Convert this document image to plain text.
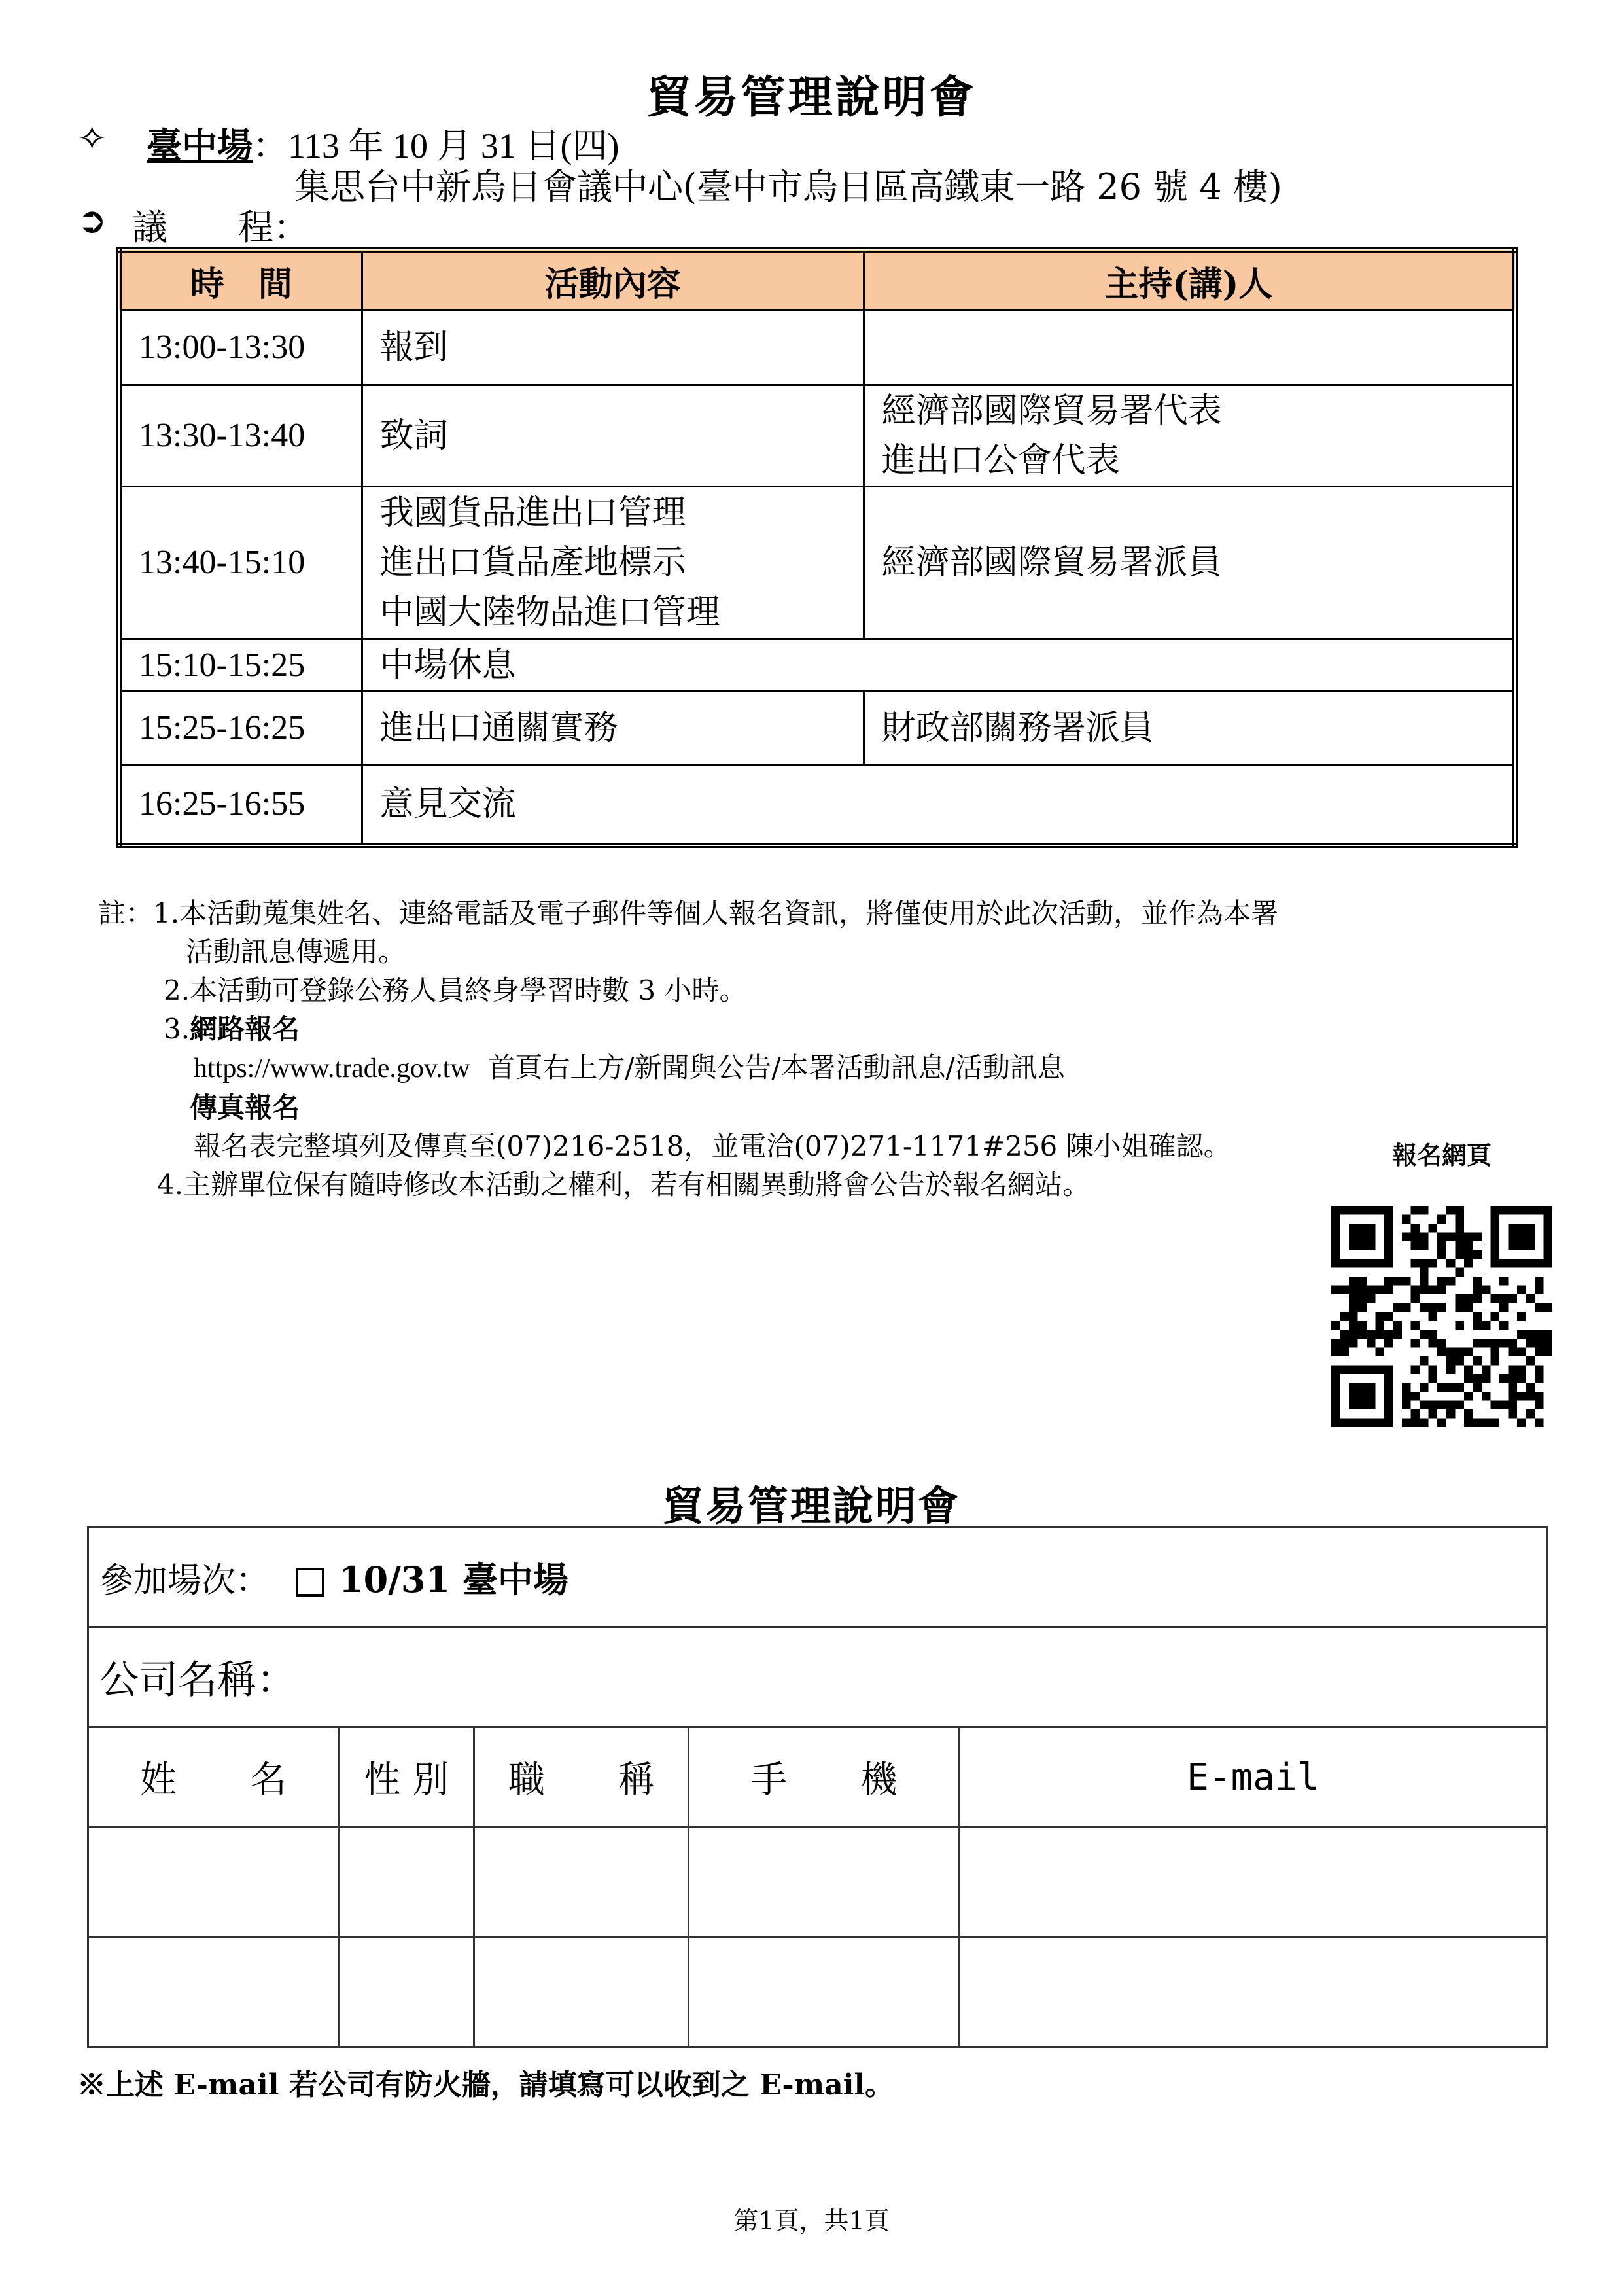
貿易管理說明會
✧ 臺中場：113 年 10 月 31 日(四)
集思台中新烏日會議中心(臺中市烏日區高鐵東一路 26 號 4 樓)
➲ 議　　程：
時　間	活動內容	主持(講)人
13:00-13:30	報到	

13:30-13:40	致詞	經濟部國際貿易署代表
進出口公會代表

13:40-15:10	我國貨品進出口管理
進出口貨品產地標示
中國大陸物品進口管理	經濟部國際貿易署派員

15:10-15:25	中場休息	

15:25-16:25	進出口通關實務	財政部關務署派員

16:25-16:55	意見交流	
註：1.本活動蒐集姓名、連絡電話及電子郵件等個人報名資訊，將僅使用於此次活動，並作為本署
活動訊息傳遞用。
2.本活動可登錄公務人員終身學習時數 3 小時。
3.網路報名
https://www.trade.gov.tw 首頁右上方/新聞與公告/本署活動訊息/活動訊息
傳真報名
報名表完整填列及傳真至(07)216-2518，並電洽(07)271-1171#256 陳小姐確認。
4.主辦單位保有隨時修改本活動之權利，若有相關異動將會公告於報名網站。
報名網頁
貿易管理說明會
參加場次： 10/31 臺中場				
公司名稱：				
姓　　名	性 別	職　　稱	手　　機	E-mail

※上述 E-mail 若公司有防火牆，請填寫可以收到之 E-mail。
第1頁，共1頁
